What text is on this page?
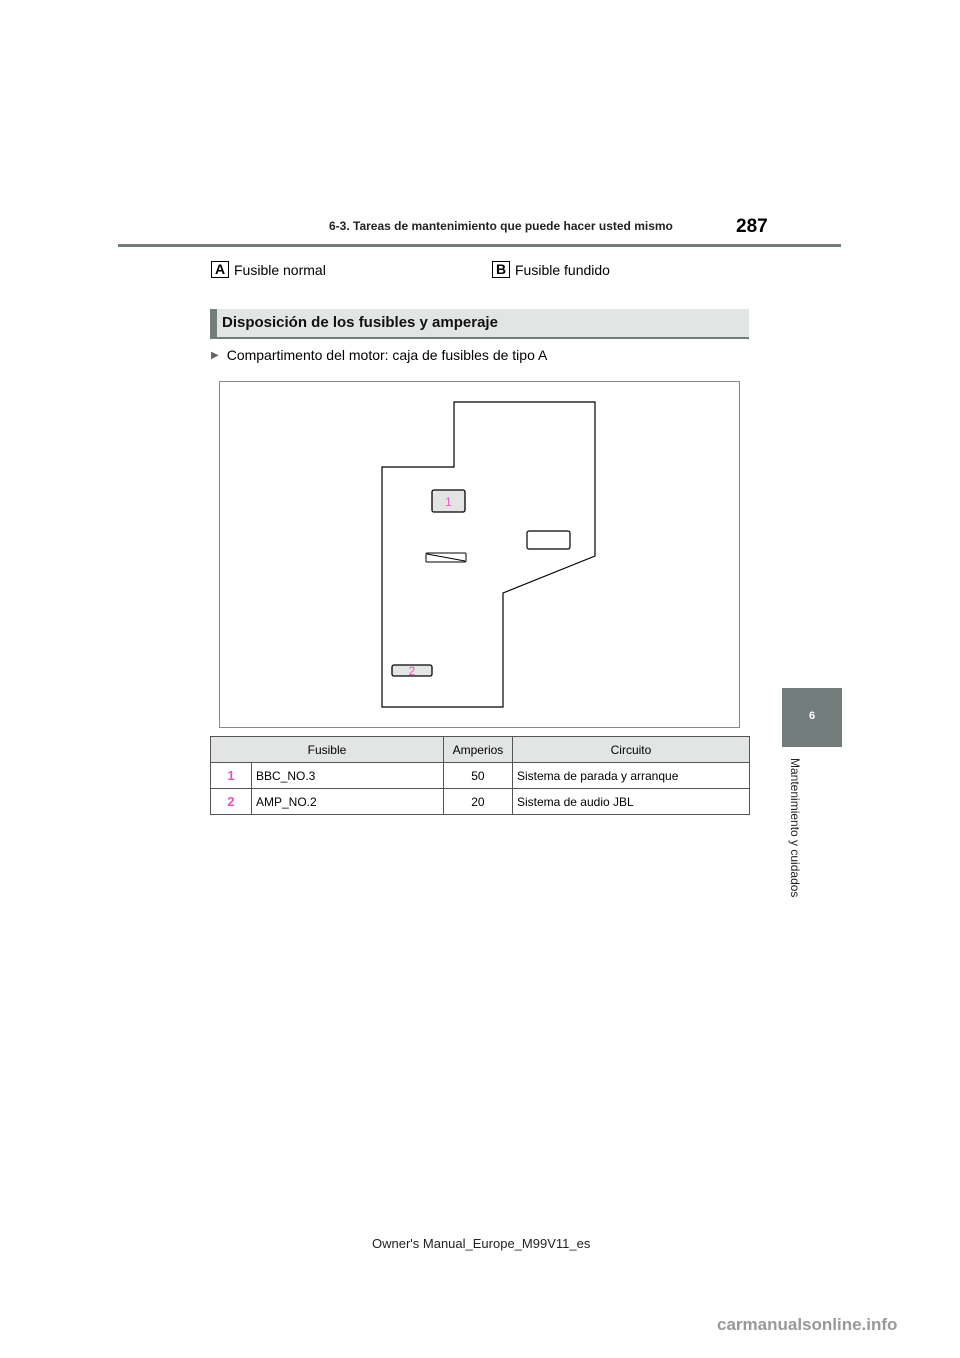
6-3. Tareas de mantenimiento que puede hacer usted mismo	287
A Fusible normal	B Fusible fundido
Disposición de los fusibles y amperaje
▶ Compartimento del motor: caja de fusibles de tipo A
1
2
Fusible		Amperios	Circuito
1	BBC_NO.3	50	Sistema de parada y arranque
2	AMP_NO.2	20	Sistema de audio JBL
6
Mantenimiento y cuidados
Owner's Manual_Europe_M99V11_es
carmanualsonline.info
